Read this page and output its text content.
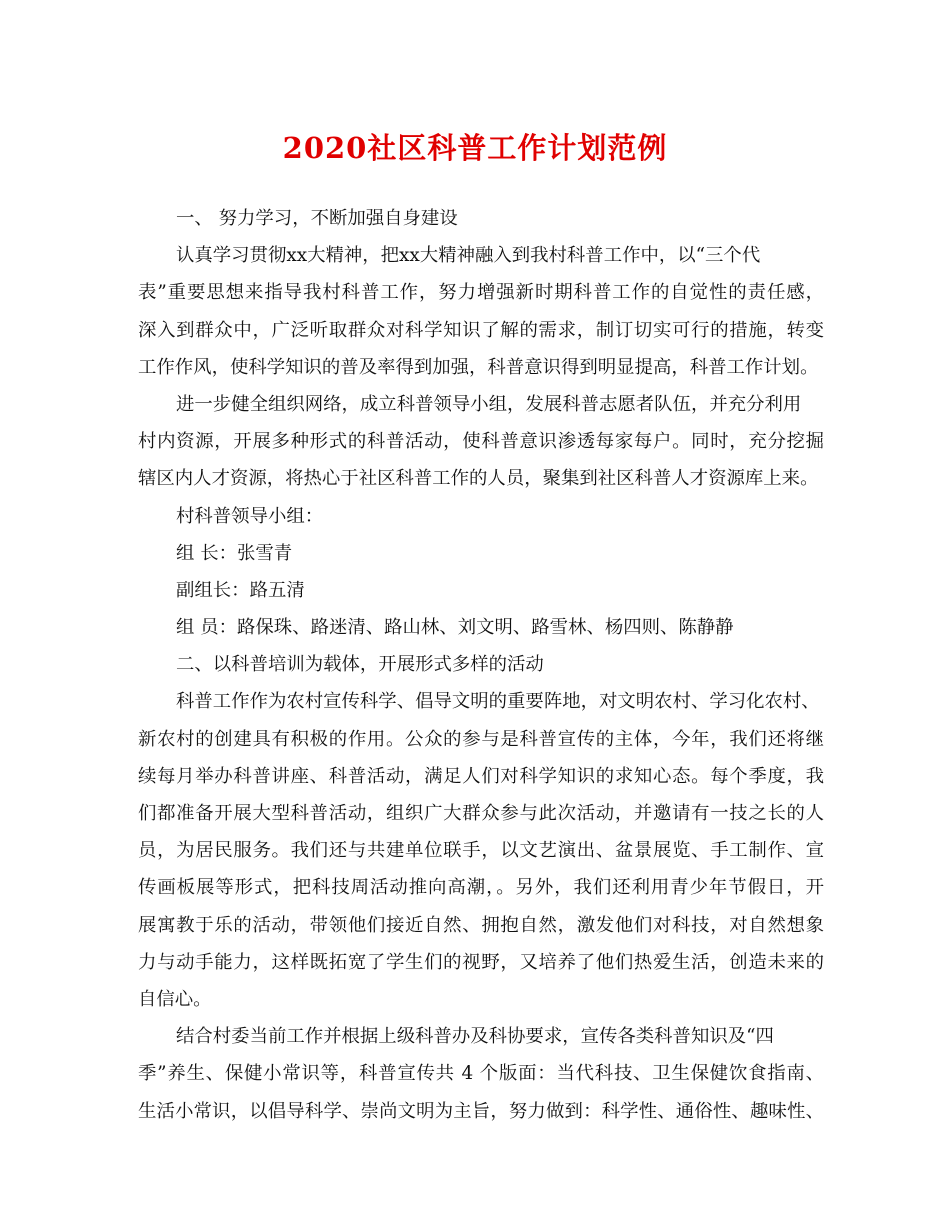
2020社区科普工作计划范例
一、 努力学习，不断加强自身建设
认真学习贯彻xx大精神，把xx大精神融入到我村科普工作中，以“三个代
表”重要思想来指导我村科普工作，努力增强新时期科普工作的自觉性的责任感，
深入到群众中，广泛听取群众对科学知识了解的需求，制订切实可行的措施，转变
工作作风，使科学知识的普及率得到加强，科普意识得到明显提高，科普工作计划。
进一步健全组织网络，成立科普领导小组，发展科普志愿者队伍，并充分利用
村内资源，开展多种形式的科普活动，使科普意识渗透每家每户。同时，充分挖掘
辖区内人才资源，将热心于社区科普工作的人员，聚集到社区科普人才资源库上来。
村科普领导小组：
组 长：张雪青
副组长：路五清
组 员：路保珠、路迷清、路山林、刘文明、路雪林、杨四则、陈静静
二、以科普培训为载体，开展形式多样的活动
科普工作作为农村宣传科学、倡导文明的重要阵地，对文明农村、学习化农村、
新农村的创建具有积极的作用。公众的参与是科普宣传的主体，今年，我们还将继
续每月举办科普讲座、科普活动，满足人们对科学知识的求知心态。每个季度，我
们都准备开展大型科普活动，组织广大群众参与此次活动，并邀请有一技之长的人
员，为居民服务。我们还与共建单位联手，以文艺演出、盆景展览、手工制作、宣
传画板展等形式，把科技周活动推向高潮，。另外，我们还利用青少年节假日，开
展寓教于乐的活动，带领他们接近自然、拥抱自然，激发他们对科技，对自然想象
力与动手能力，这样既拓宽了学生们的视野，又培养了他们热爱生活，创造未来的
自信心。
结合村委当前工作并根据上级科普办及科协要求，宣传各类科普知识及“四
季”养生、保健小常识等，科普宣传共 4 个版面：当代科技、卫生保健饮食指南、
生活小常识，以倡导科学、崇尚文明为主旨，努力做到：科学性、通俗性、趣味性、
